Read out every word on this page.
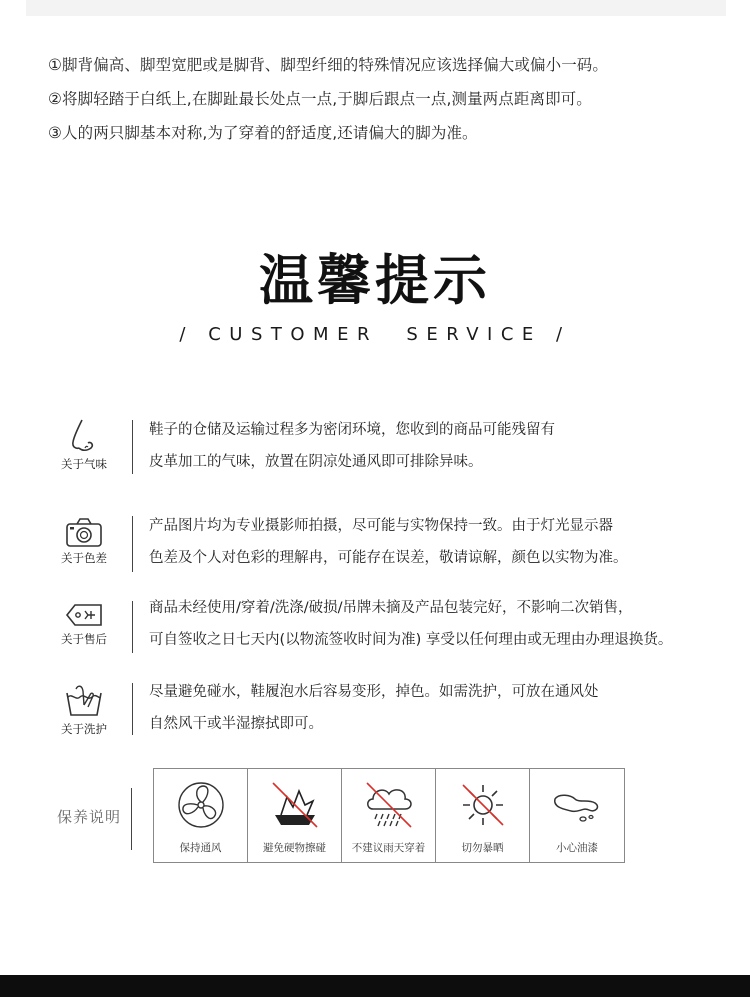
①脚背偏高、脚型宽肥或是脚背、脚型纤细的特殊情况应该选择偏大或偏小一码。
②将脚轻踏于白纸上,在脚趾最长处点一点,于脚后跟点一点,测量两点距离即可。
③人的两只脚基本对称,为了穿着的舒适度,还请偏大的脚为准。
温馨提示
/ CUSTOMER  SERVICE /
关于气味
鞋子的仓储及运输过程多为密闭环境，您收到的商品可能残留有
皮革加工的气味，放置在阴凉处通风即可排除异味。
关于色差
产品图片均为专业摄影师拍摄，尽可能与实物保持一致。由于灯光显示器
色差及个人对色彩的理解冉，可能存在误差，敬请谅解，颜色以实物为准。
关于售后
商品未经使用/穿着/洗涤/破损/吊牌未摘及产品包装完好，不影响二次销售，
可自签收之日七天内(以物流签收时间为准) 享受以任何理由或无理由办理退换货。
关于洗护
尽量避免碰水，鞋履泡水后容易变形，掉色。如需洗护，可放在通风处
自然风干或半湿擦拭即可。
保养说明
保持通风	避免硬物擦碰	不建议雨天穿着	切勿暴晒	小心油漆
